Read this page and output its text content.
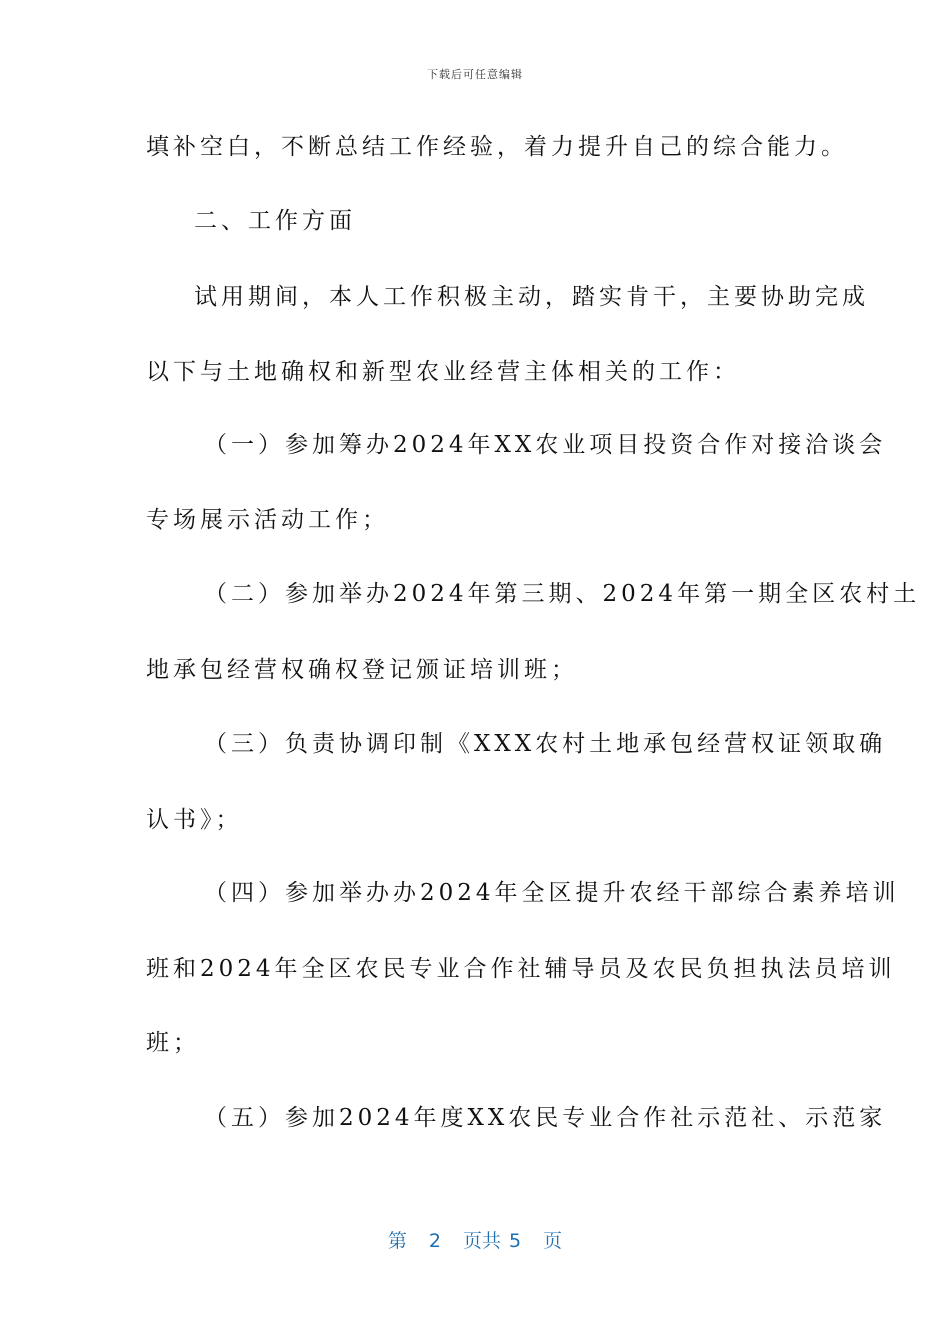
下载后可任意编辑
填补空白，不断总结工作经验，着力提升自己的综合能力。
二、工作方面
试用期间，本人工作积极主动，踏实肯干，主要协助完成
以下与土地确权和新型农业经营主体相关的工作：
（一）参加筹办2024年XX农业项目投资合作对接洽谈会
专场展示活动工作；
（二）参加举办2024年第三期、2024年第一期全区农村土
地承包经营权确权登记颁证培训班；
（三）负责协调印制《XXX农村土地承包经营权证领取确
认书》；
（四）参加举办办2024年全区提升农经干部综合素养培训
班和2024年全区农民专业合作社辅导员及农民负担执法员培训
班；
（五）参加2024年度XX农民专业合作社示范社、示范家
第 2 页共 5 页
